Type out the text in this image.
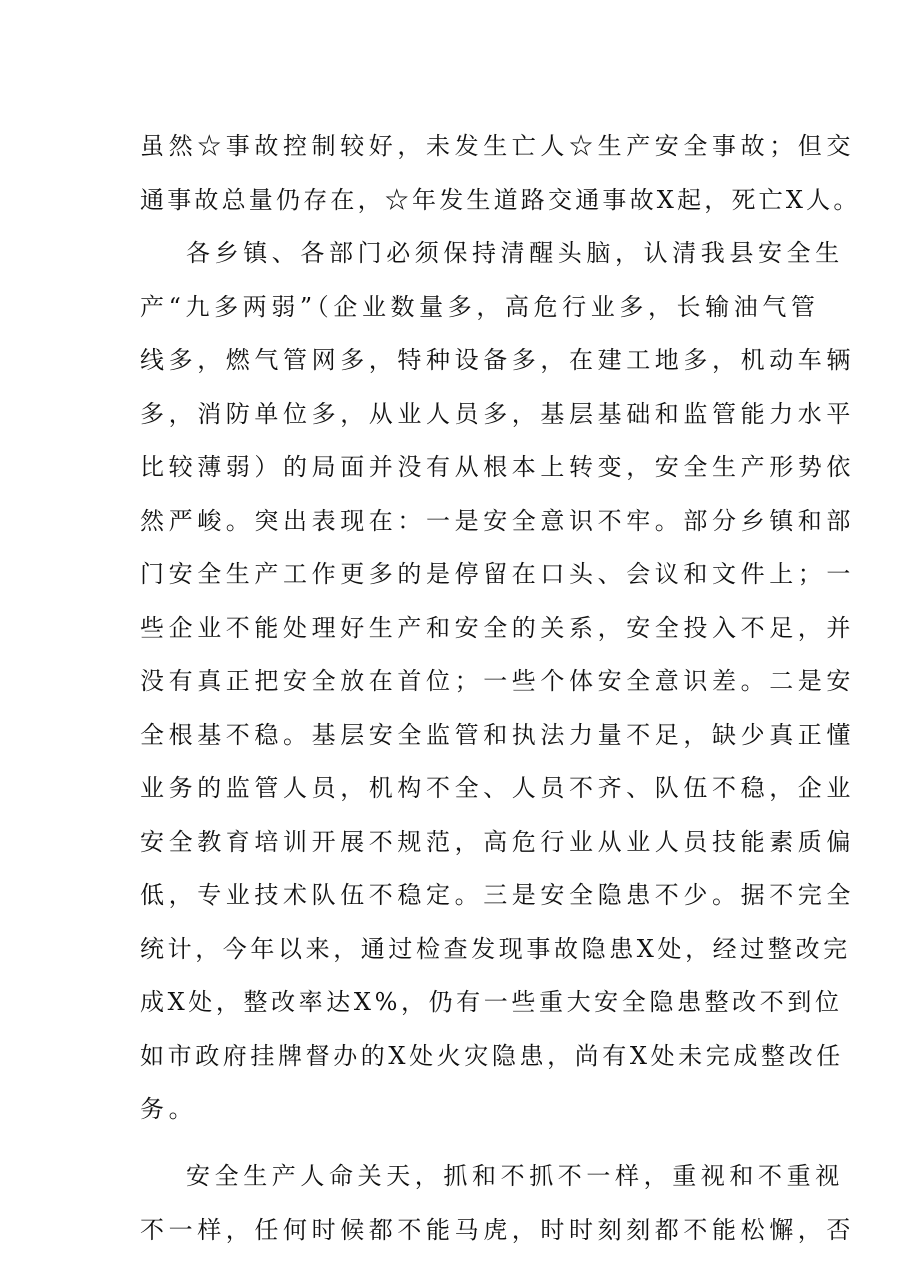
虽然☆事故控制较好，未发生亡人☆生产安全事故；但交
通事故总量仍存在，☆年发生道路交通事故X起，死亡X人。
各乡镇、各部门必须保持清醒头脑，认清我县安全生
产“九多两弱”（企业数量多，高危行业多，长输油气管
线多，燃气管网多，特种设备多，在建工地多，机动车辆
多，消防单位多，从业人员多，基层基础和监管能力水平
比较薄弱）的局面并没有从根本上转变，安全生产形势依
然严峻。突出表现在：一是安全意识不牢。部分乡镇和部
门安全生产工作更多的是停留在口头、会议和文件上；一
些企业不能处理好生产和安全的关系，安全投入不足，并
没有真正把安全放在首位；一些个体安全意识差。二是安
全根基不稳。基层安全监管和执法力量不足，缺少真正懂
业务的监管人员，机构不全、人员不齐、队伍不稳，企业
安全教育培训开展不规范，高危行业从业人员技能素质偏
低，专业技术队伍不稳定。三是安全隐患不少。据不完全
统计，今年以来，通过检查发现事故隐患X处，经过整改完
成X处，整改率达X%，仍有一些重大安全隐患整改不到位
如市政府挂牌督办的X处火灾隐患，尚有X处未完成整改任
务。
安全生产人命关天，抓和不抓不一样，重视和不重视
不一样，任何时候都不能马虎，时时刻刻都不能松懈，否
